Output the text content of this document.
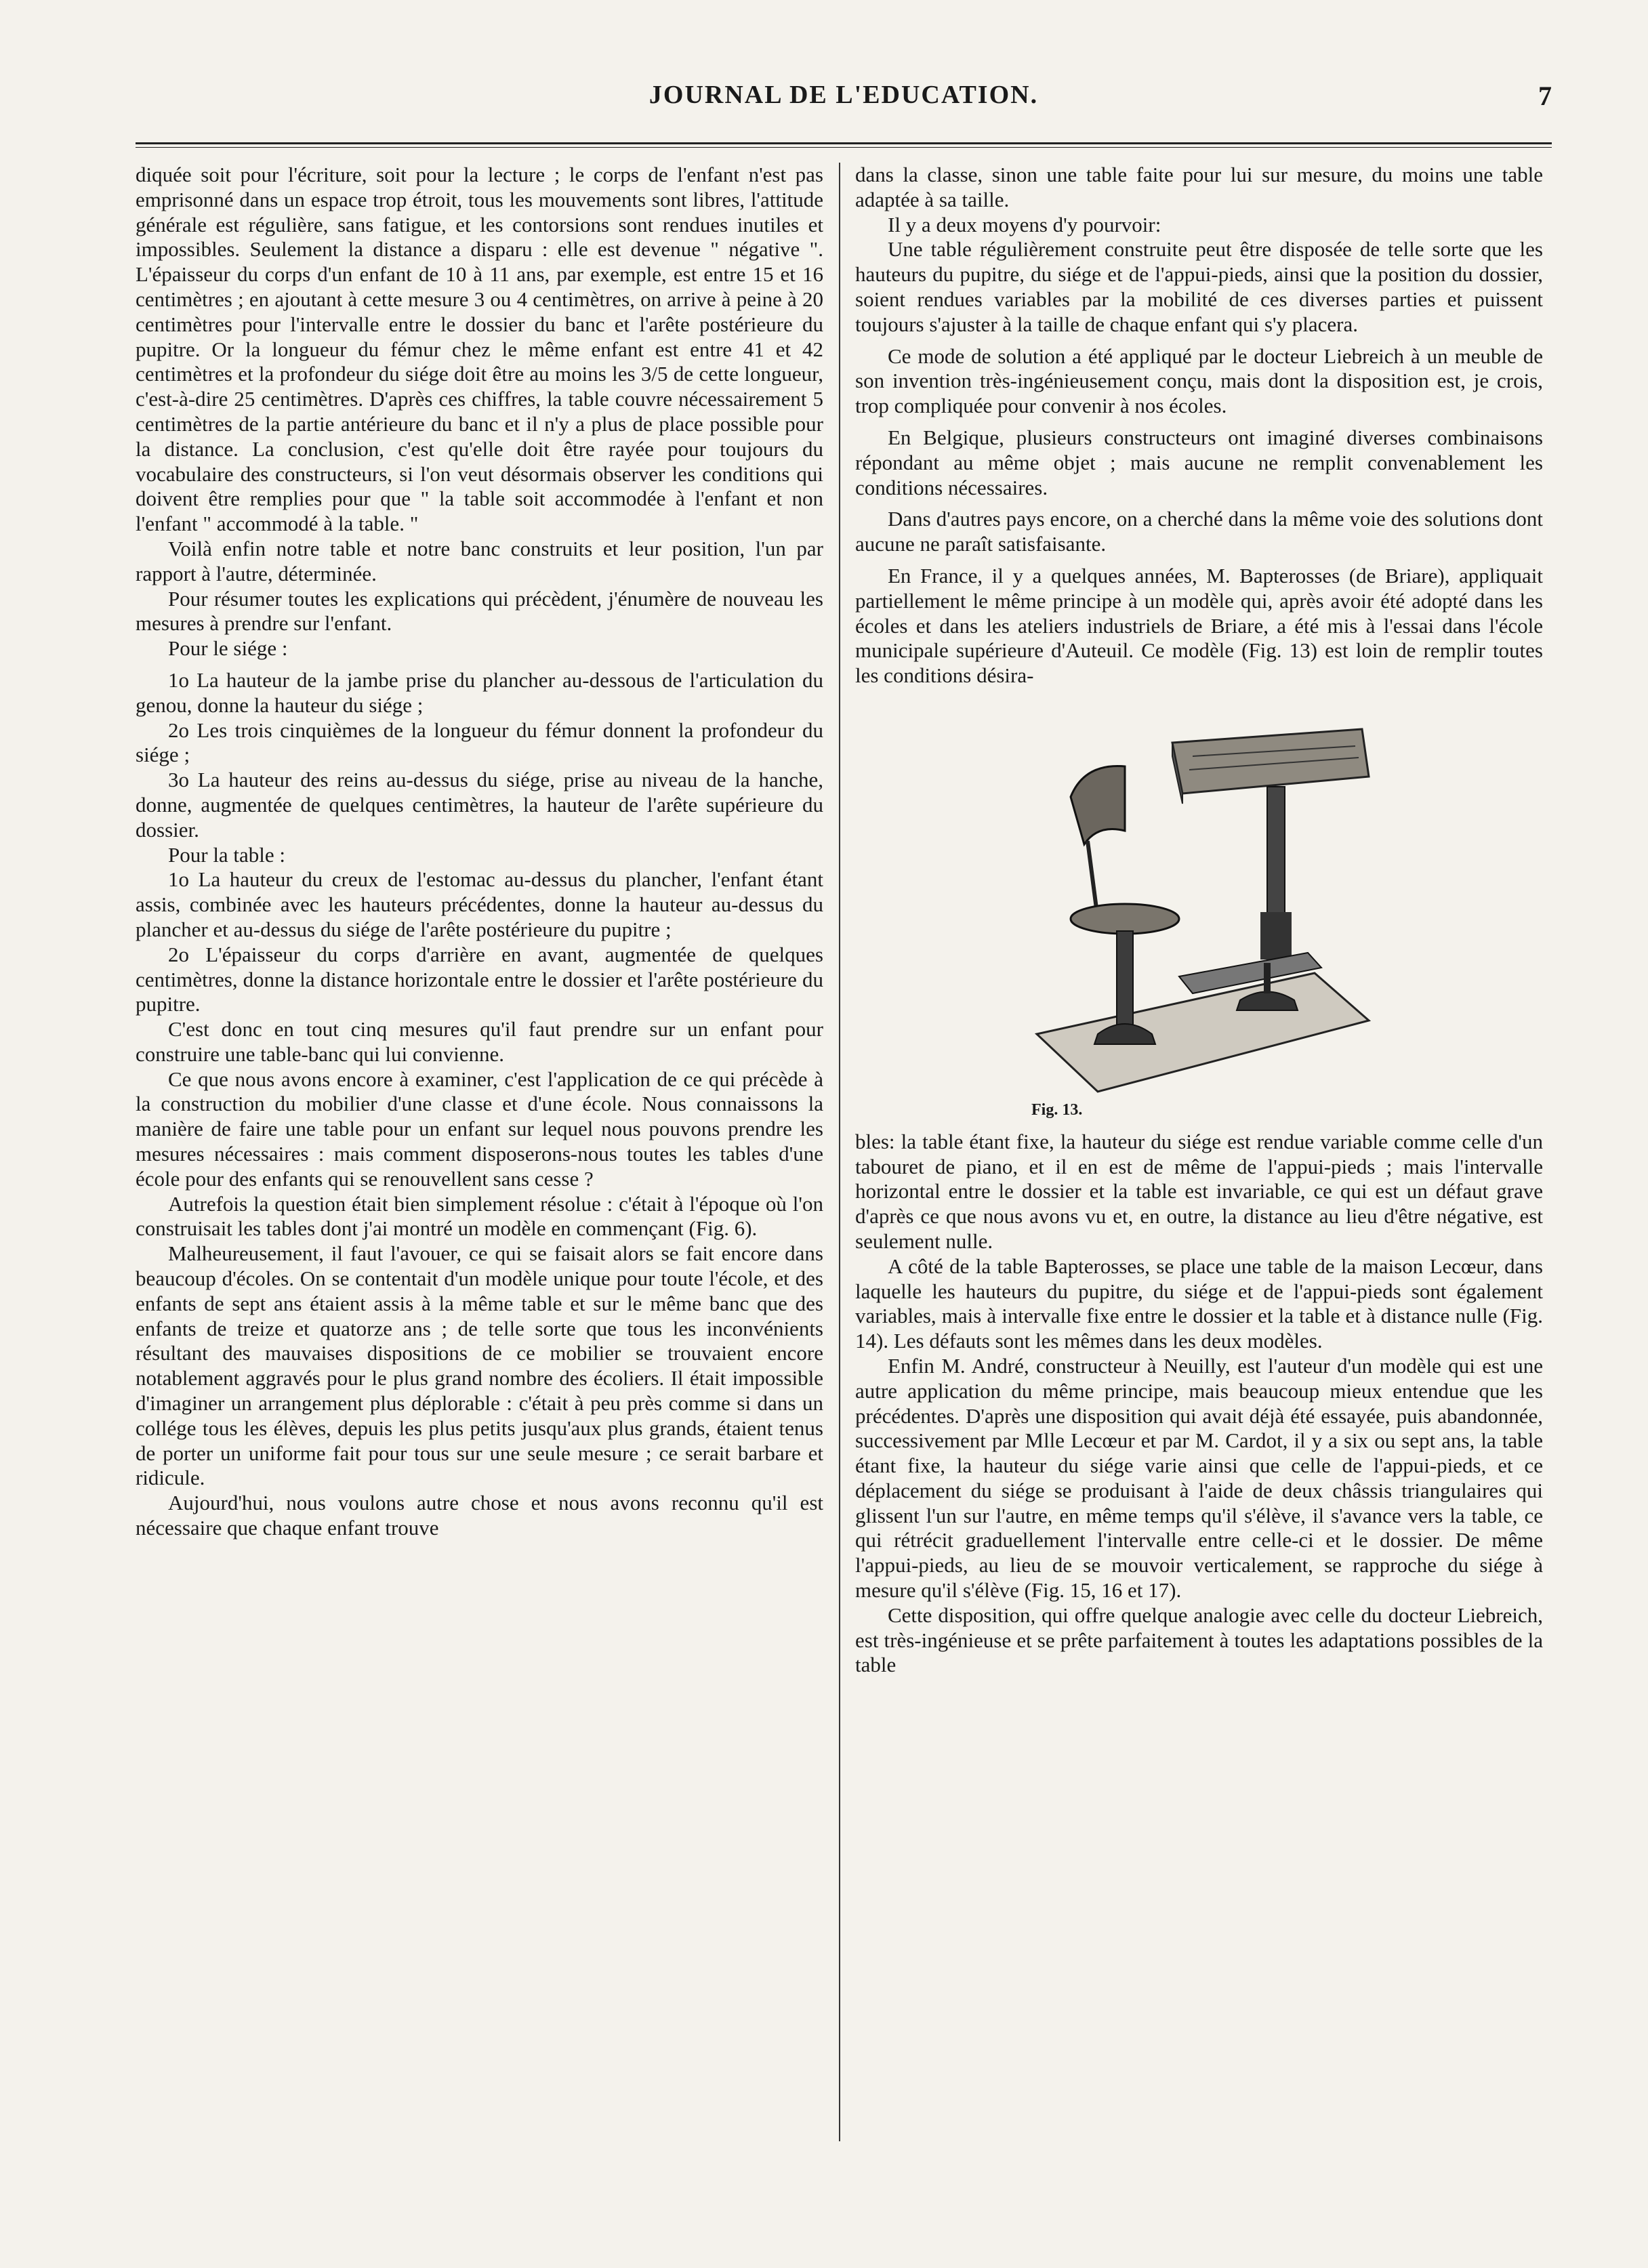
JOURNAL DE L'EDUCATION.	7

diquée soit pour l'écriture, soit pour la lecture ; le corps de l'enfant n'est pas emprisonné dans un espace trop étroit, tous les mouvements sont libres, l'attitude générale est régulière, sans fatigue, et les contorsions sont rendues inutiles et impossibles. Seulement la distance a disparu : elle est devenue " négative ". L'épaisseur du corps d'un enfant de 10 à 11 ans, par exemple, est entre 15 et 16 centimètres ; en ajoutant à cette mesure 3 ou 4 centimètres, on arrive à peine à 20 centimètres pour l'intervalle entre le dossier du banc et l'arête postérieure du pupitre. Or la longueur du fémur chez le même enfant est entre 41 et 42 centimètres et la profondeur du siége doit être au moins les 3/5 de cette longueur, c'est-à-dire 25 centimètres. D'après ces chiffres, la table couvre nécessairement 5 centimètres de la partie antérieure du banc et il n'y a plus de place possible pour la distance. La conclusion, c'est qu'elle doit être rayée pour toujours du vocabulaire des constructeurs, si l'on veut désormais observer les conditions qui doivent être remplies pour que " la table soit accommodée à l'enfant et non l'enfant " accommodé à la table. "

Voilà enfin notre table et notre banc construits et leur position, l'un par rapport à l'autre, déterminée.

Pour résumer toutes les explications qui précèdent, j'énumère de nouveau les mesures à prendre sur l'enfant.

Pour le siége :

1o La hauteur de la jambe prise du plancher au-dessous de l'articulation du genou, donne la hauteur du siége ;

2o Les trois cinquièmes de la longueur du fémur donnent la profondeur du siége ;

3o La hauteur des reins au-dessus du siége, prise au niveau de la hanche, donne, augmentée de quelques centimètres, la hauteur de l'arête supérieure du dossier.

Pour la table :

1o La hauteur du creux de l'estomac au-dessus du plancher, l'enfant étant assis, combinée avec les hauteurs précédentes, donne la hauteur au-dessus du plancher et au-dessus du siége de l'arête postérieure du pupitre ;

2o L'épaisseur du corps d'arrière en avant, augmentée de quelques centimètres, donne la distance horizontale entre le dossier et l'arête postérieure du pupitre.

C'est donc en tout cinq mesures qu'il faut prendre sur un enfant pour construire une table-banc qui lui convienne.

Ce que nous avons encore à examiner, c'est l'application de ce qui précède à la construction du mobilier d'une classe et d'une école. Nous connaissons la manière de faire une table pour un enfant sur lequel nous pouvons prendre les mesures nécessaires : mais comment disposerons-nous toutes les tables d'une école pour des enfants qui se renouvellent sans cesse ?

Autrefois la question était bien simplement résolue : c'était à l'époque où l'on construisait les tables dont j'ai montré un modèle en commençant (Fig. 6).

Malheureusement, il faut l'avouer, ce qui se faisait alors se fait encore dans beaucoup d'écoles. On se contentait d'un modèle unique pour toute l'école, et des enfants de sept ans étaient assis à la même table et sur le même banc que des enfants de treize et quatorze ans ; de telle sorte que tous les inconvénients résultant des mauvaises dispositions de ce mobilier se trouvaient encore notablement aggravés pour le plus grand nombre des écoliers. Il était impossible d'imaginer un arrangement plus déplorable : c'était à peu près comme si dans un collége tous les élèves, depuis les plus petits jusqu'aux plus grands, étaient tenus de porter un uniforme fait pour tous sur une seule mesure ; ce serait barbare et ridicule.

Aujourd'hui, nous voulons autre chose et nous avons reconnu qu'il est nécessaire que chaque enfant trouve

dans la classe, sinon une table faite pour lui sur mesure, du moins une table adaptée à sa taille.

Il y a deux moyens d'y pourvoir:

Une table régulièrement construite peut être disposée de telle sorte que les hauteurs du pupitre, du siége et de l'appui-pieds, ainsi que la position du dossier, soient rendues variables par la mobilité de ces diverses parties et puissent toujours s'ajuster à la taille de chaque enfant qui s'y placera.

Ce mode de solution a été appliqué par le docteur Liebreich à un meuble de son invention très-ingénieusement conçu, mais dont la disposition est, je crois, trop compliquée pour convenir à nos écoles.

En Belgique, plusieurs constructeurs ont imaginé diverses combinaisons répondant au même objet ; mais aucune ne remplit convenablement les conditions nécessaires.

Dans d'autres pays encore, on a cherché dans la même voie des solutions dont aucune ne paraît satisfaisante.

En France, il y a quelques années, M. Bapterosses (de Briare), appliquait partiellement le même principe à un modèle qui, après avoir été adopté dans les écoles et dans les ateliers industriels de Briare, a été mis à l'essai dans l'école municipale supérieure d'Auteuil. Ce modèle (Fig. 13) est loin de remplir toutes les conditions désira-

Fig. 13.

bles: la table étant fixe, la hauteur du siége est rendue variable comme celle d'un tabouret de piano, et il en est de même de l'appui-pieds ; mais l'intervalle horizontal entre le dossier et la table est invariable, ce qui est un défaut grave d'après ce que nous avons vu et, en outre, la distance au lieu d'être négative, est seulement nulle.

A côté de la table Bapterosses, se place une table de la maison Lecœur, dans laquelle les hauteurs du pupitre, du siége et de l'appui-pieds sont également variables, mais à intervalle fixe entre le dossier et la table et à distance nulle (Fig. 14). Les défauts sont les mêmes dans les deux modèles.

Enfin M. André, constructeur à Neuilly, est l'auteur d'un modèle qui est une autre application du même principe, mais beaucoup mieux entendue que les précédentes. D'après une disposition qui avait déjà été essayée, puis abandonnée, successivement par Mlle Lecœur et par M. Cardot, il y a six ou sept ans, la table étant fixe, la hauteur du siége varie ainsi que celle de l'appui-pieds, et ce déplacement du siége se produisant à l'aide de deux châssis triangulaires qui glissent l'un sur l'autre, en même temps qu'il s'élève, il s'avance vers la table, ce qui rétrécit graduellement l'intervalle entre celle-ci et le dossier. De même l'appui-pieds, au lieu de se mouvoir verticalement, se rapproche du siége à mesure qu'il s'élève (Fig. 15, 16 et 17).

Cette disposition, qui offre quelque analogie avec celle du docteur Liebreich, est très-ingénieuse et se prête parfaitement à toutes les adaptations possibles de la table
